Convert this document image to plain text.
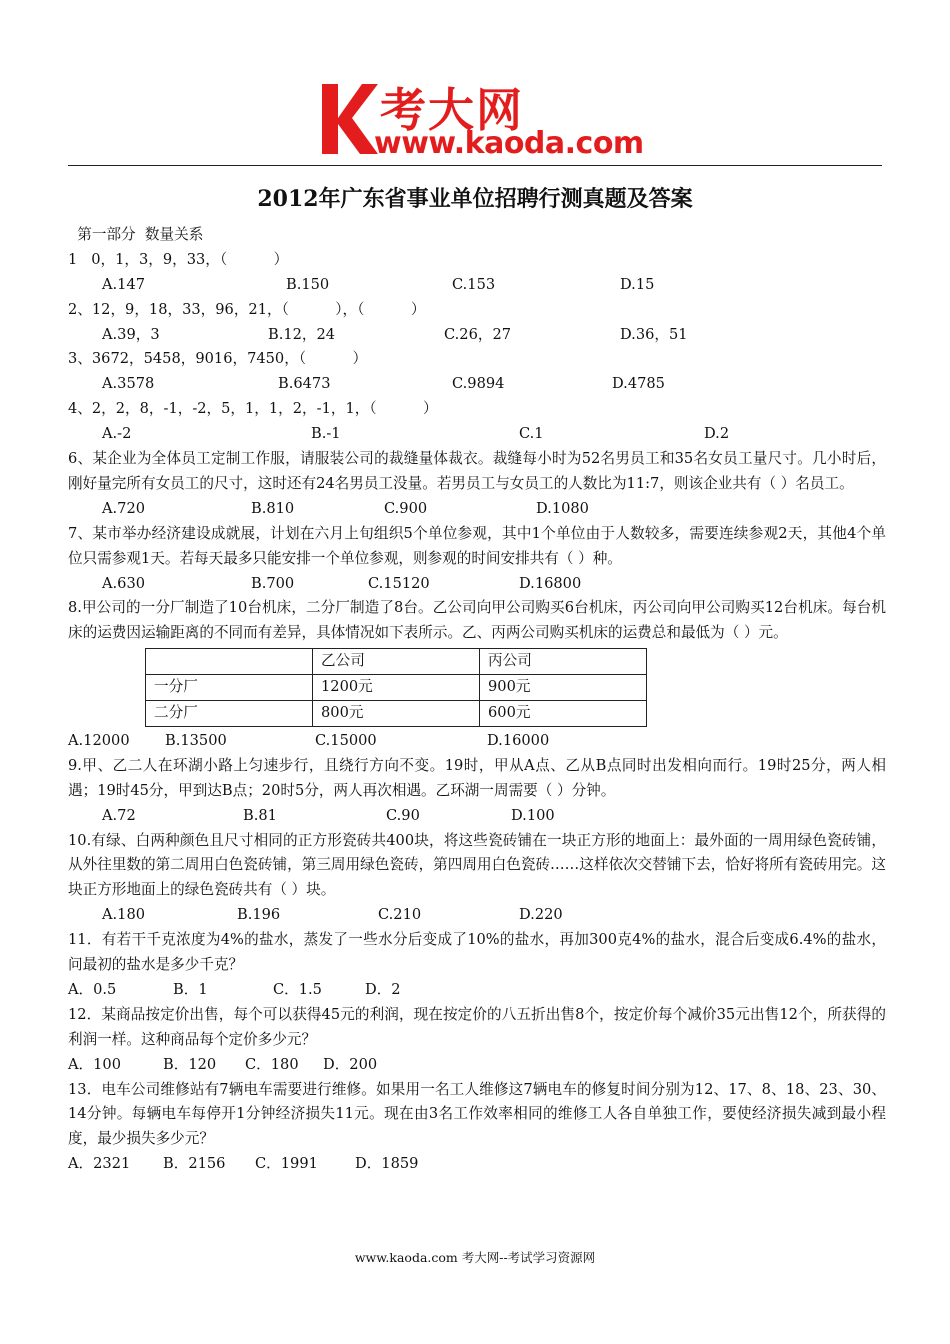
考大网
www.kaoda.com
2012年广东省事业单位招聘行测真题及答案
第一部分  数量关系
1   0，1，3，9，33，（          ）
A.147	B.150	C.153	D.15
2、12，9，18，33，96，21，（          ），（          ）
A.39，3	B.12，24	C.26，27	D.36，51
3、3672，5458，9016，7450，（          ）
A.3578	B.6473	C.9894	D.4785
4、2，2，8，-1，-2，5，1，1，2，-1，1，（          ）
A.-2	B.-1	C.1	D.2
6、某企业为全体员工定制工作服，请服装公司的裁缝量体裁衣。裁缝每小时为52名男员工和35名女员工量尺寸。几小时后，刚好量完所有女员工的尺寸，这时还有24名男员工没量。若男员工与女员工的人数比为11:7，则该企业共有（ ）名员工。
A.720	B.810	C.900	D.1080
7、某市举办经济建设成就展，计划在六月上旬组织5个单位参观，其中1个单位由于人数较多，需要连续参观2天，其他4个单位只需参观1天。若每天最多只能安排一个单位参观，则参观的时间安排共有（ ）种。
A.630	B.700	C.15120	D.16800
8.甲公司的一分厂制造了10台机床，二分厂制造了8台。乙公司向甲公司购买6台机床，丙公司向甲公司购买12台机床。每台机床的运费因运输距离的不同而有差异，具体情况如下表所示。乙、丙两公司购买机床的运费总和最低为（ ）元。
	乙公司	丙公司
一分厂	1200元	900元
二分厂	800元	600元
A.12000 B.13500	C.15000	D.16000
9.甲、乙二人在环湖小路上匀速步行，且绕行方向不变。19时，甲从A点、乙从B点同时出发相向而行。19时25分，两人相遇；19时45分，甲到达B点；20时5分，两人再次相遇。乙环湖一周需要（ ）分钟。
A.72	B.81	C.90	D.100
10.有绿、白两种颜色且尺寸相同的正方形瓷砖共400块，将这些瓷砖铺在一块正方形的地面上：最外面的一周用绿色瓷砖铺，从外往里数的第二周用白色瓷砖铺，第三周用绿色瓷砖，第四周用白色瓷砖……这样依次交替铺下去，恰好将所有瓷砖用完。这块正方形地面上的绿色瓷砖共有（ ）块。
A.180	B.196	C.210	D.220
11．有若干千克浓度为4%的盐水，蒸发了一些水分后变成了10%的盐水，再加300克4%的盐水，混合后变成6.4%的盐水，问最初的盐水是多少千克？
A．0.5	B．1	C．1.5	D．2
12．某商品按定价出售，每个可以获得45元的利润，现在按定价的八五折出售8个，按定价每个减价35元出售12个，所获得的利润一样。这种商品每个定价多少元？
A．100	B．120 C．180 D．200
13．电车公司维修站有7辆电车需要进行维修。如果用一名工人维修这7辆电车的修复时间分别为12、17、8、18、23、30、14分钟。每辆电车每停开1分钟经济损失11元。现在由3名工作效率相同的维修工人各自单独工作，要使经济损失减到最小程度，最少损失多少元？
A．2321 B．2156 C．1991	D．1859
www.kaoda.com 考大网--考试学习资源网
